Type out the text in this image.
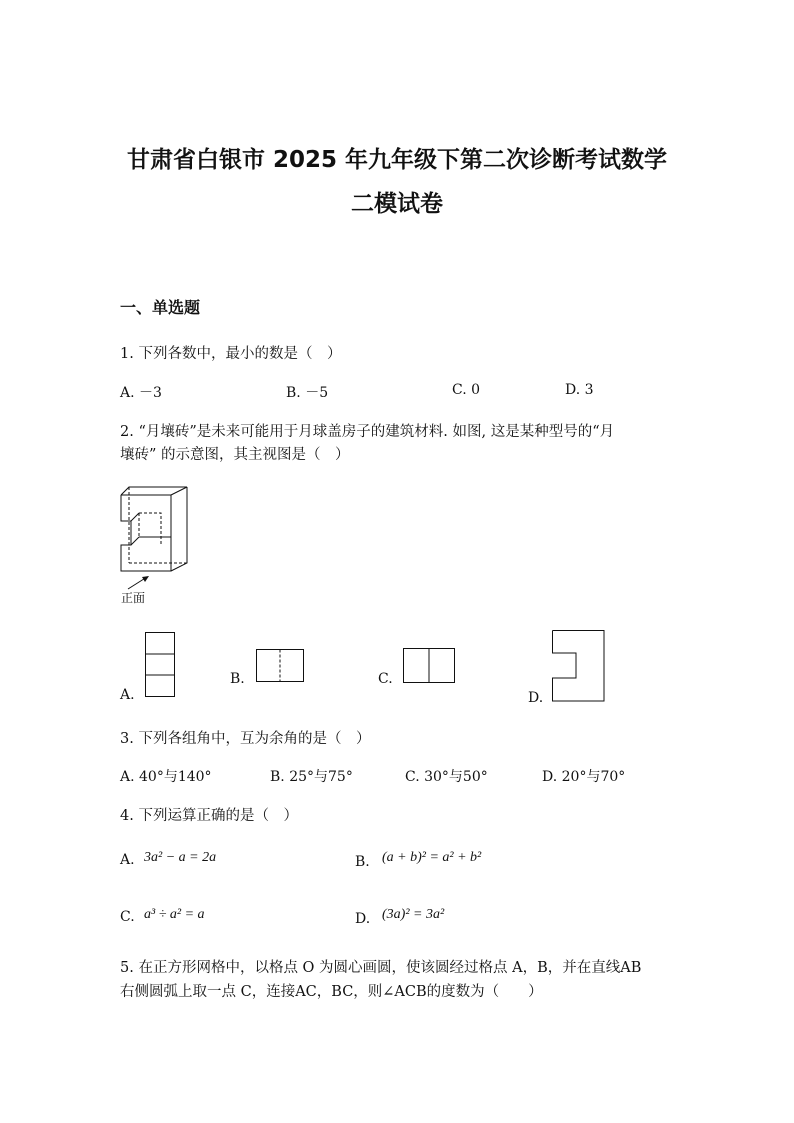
甘肃省白银市 2025 年九年级下第二次诊断考试数学
二模试卷
一、单选题
1. 下列各数中，最小的数是（　）
A. －3	B. －5	C. 0	D. 3
2. “月壤砖”是未来可能用于月球盖房子的建筑材料. 如图, 这是某种型号的“月
壤砖” 的示意图，其主视图是（　）
正面
A.
B.	C.
D.
3. 下列各组角中，互为余角的是（　）
A. 40°与140°	B. 25°与75°	C. 30°与50°	D. 20°与70°
4. 下列运算正确的是（　）
A. 3a² − a = 2a	B. (a + b)² = a² + b²
C. a³ ÷ a² = a	D. (3a)² = 3a²
5. 在正方形网格中，以格点 O 为圆心画圆，使该圆经过格点 A，B，并在直线AB
右侧圆弧上取一点 C，连接AC，BC，则∠ACB的度数为（　　）
